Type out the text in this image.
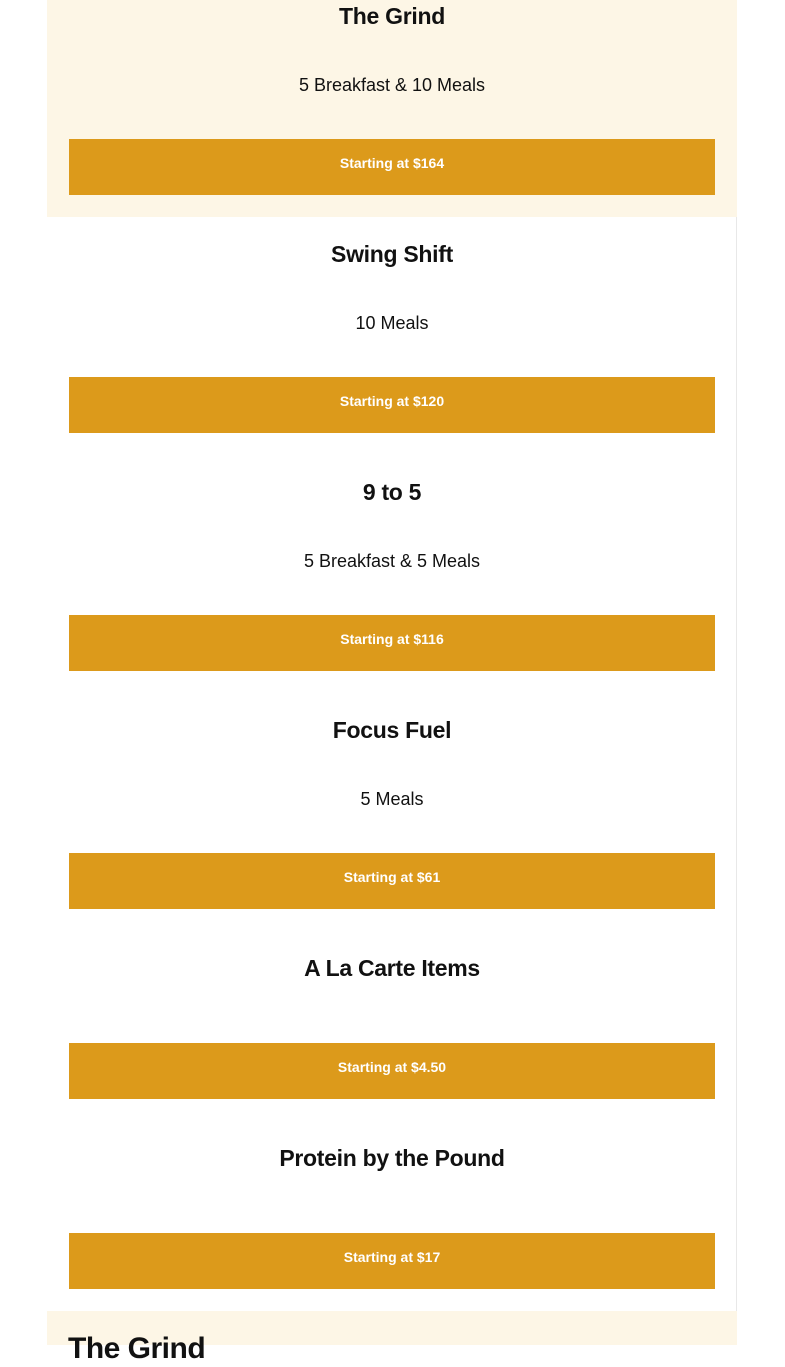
The Grind
5 Breakfast & 10 Meals
Starting at $164
Swing Shift
10 Meals
Starting at $120
9 to 5
5 Breakfast & 5 Meals
Starting at $116
Focus Fuel
5 Meals
Starting at $61
A La Carte Items
Starting at $4.50
Protein by the Pound
Starting at $17
The Grind
